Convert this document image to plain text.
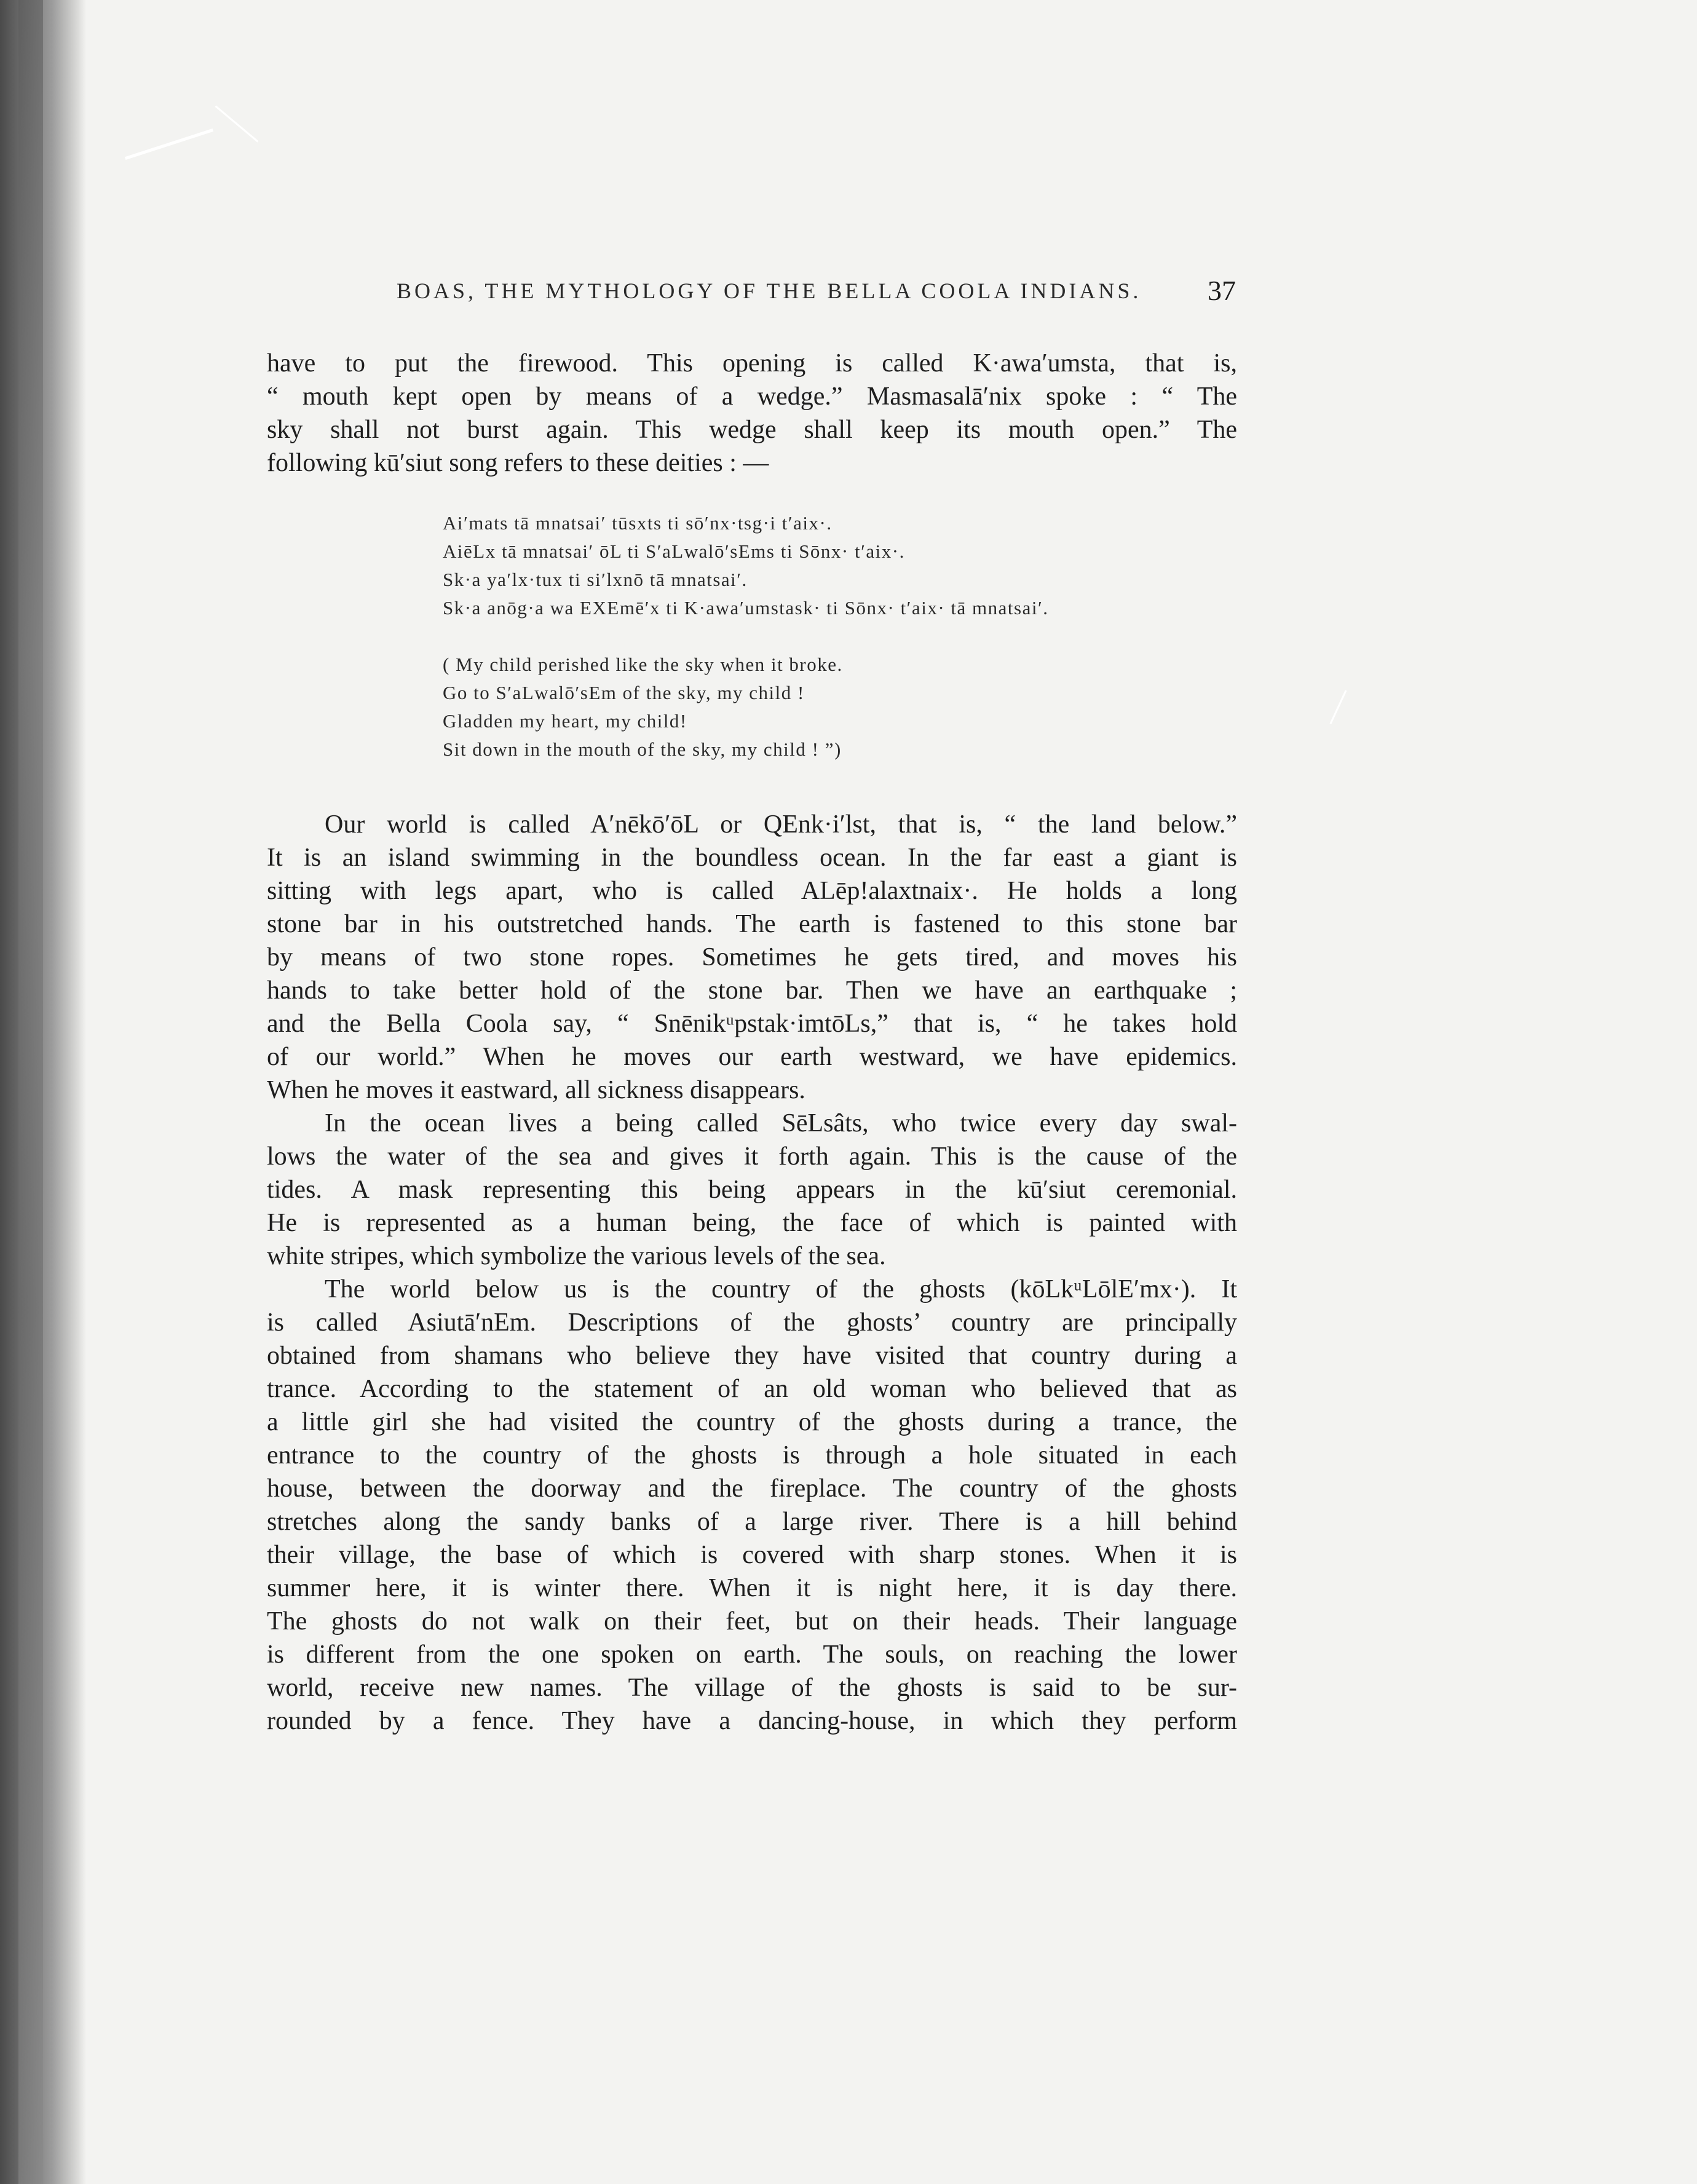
BOAS, THE MYTHOLOGY OF THE BELLA COOLA INDIANS. 37
have to put the firewood. This opening is called K·awa′umsta, that is,
“ mouth kept open by means of a wedge.” Masmasalā′nix spoke : “ The
sky shall not burst again. This wedge shall keep its mouth open.” The
following kū′siut song refers to these deities : —
Ai′mats tā mnatsai′ tūsxts ti sō′nx·tsg·i t′aix·.
AiēLx tā mnatsai′ ōL ti S′aLwalō′sEms ti Sōnx· t′aix·.
Sk·a ya′lx·tux ti si′lxnō tā mnatsai′.
Sk·a anōg·a wa EXEmē′x ti K·awa′umstask· ti Sōnx· t′aix· tā mnatsai′.
( My child perished like the sky when it broke.
Go to S′aLwalō′sEm of the sky, my child !
Gladden my heart, my child!
Sit down in the mouth of the sky, my child ! ”)
Our world is called A′nēkō′ōL or QEnk·i′lst, that is, “ the land below.”
It is an island swimming in the boundless ocean. In the far east a giant is
sitting with legs apart, who is called ALēp!alaxtnaix·. He holds a long
stone bar in his outstretched hands. The earth is fastened to this stone bar
by means of two stone ropes. Sometimes he gets tired, and moves his
hands to take better hold of the stone bar. Then we have an earthquake ;
and the Bella Coola say, “ Snēnikᵘpstak·imtōLs,” that is, “ he takes hold
of our world.” When he moves our earth westward, we have epidemics.
When he moves it eastward, all sickness disappears.
In the ocean lives a being called SēLsâts, who twice every day swal-
lows the water of the sea and gives it forth again. This is the cause of the
tides. A mask representing this being appears in the kū′siut ceremonial.
He is represented as a human being, the face of which is painted with
white stripes, which symbolize the various levels of the sea.
The world below us is the country of the ghosts (kōLkᵘLōlE′mx·). It
is called Asiutā′nEm. Descriptions of the ghosts’ country are principally
obtained from shamans who believe they have visited that country during a
trance. According to the statement of an old woman who believed that as
a little girl she had visited the country of the ghosts during a trance, the
entrance to the country of the ghosts is through a hole situated in each
house, between the doorway and the fireplace. The country of the ghosts
stretches along the sandy banks of a large river. There is a hill behind
their village, the base of which is covered with sharp stones. When it is
summer here, it is winter there. When it is night here, it is day there.
The ghosts do not walk on their feet, but on their heads. Their language
is different from the one spoken on earth. The souls, on reaching the lower
world, receive new names. The village of the ghosts is said to be sur-
rounded by a fence. They have a dancing-house, in which they perform
